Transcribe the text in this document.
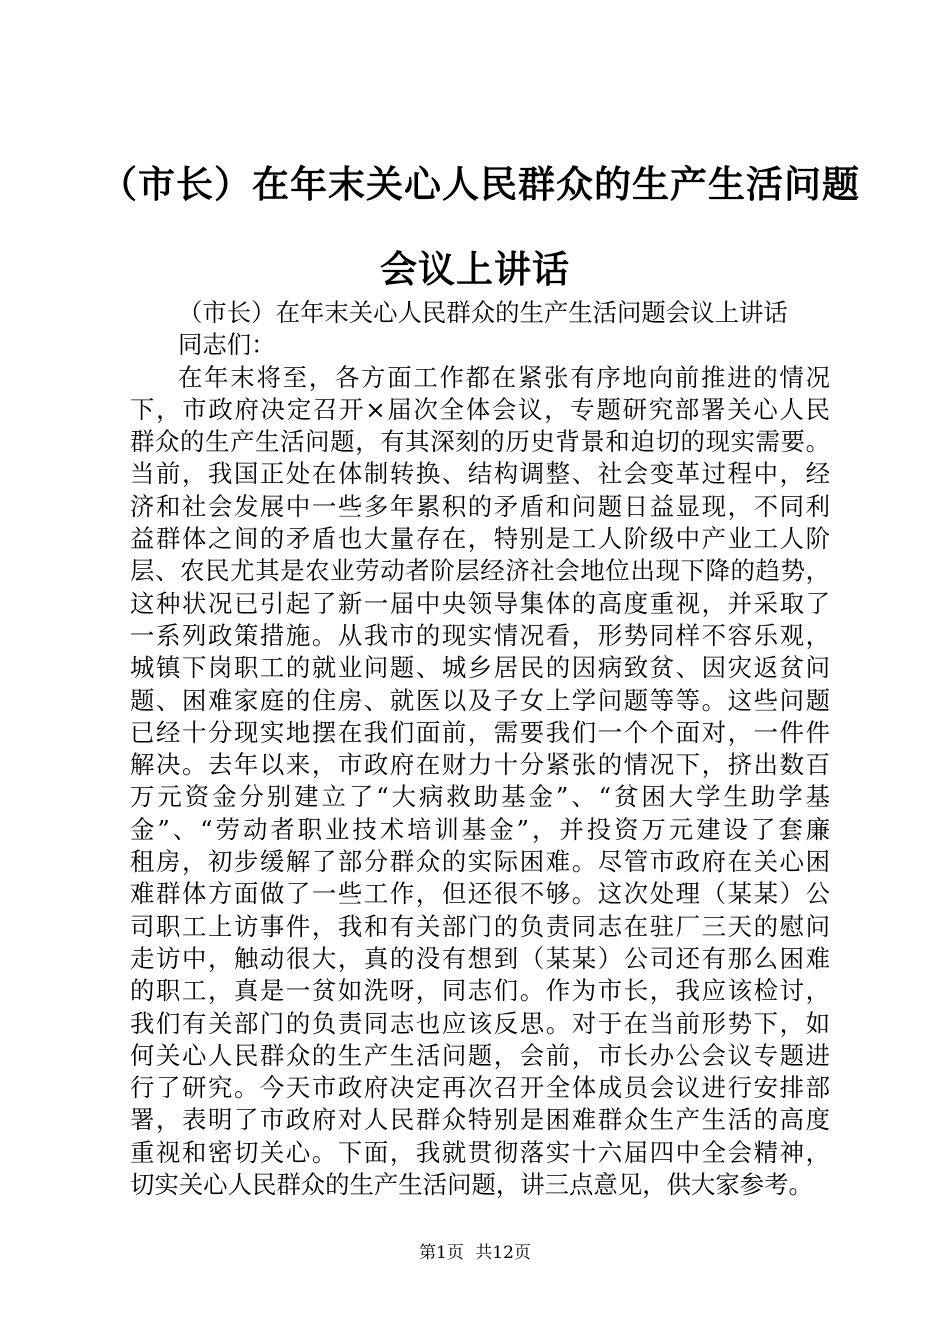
（市长）在年末关心人民群众的生产生活问题
会议上讲话
（市长）在年末关心人民群众的生产生活问题会议上讲话
同志们：
在年末将至，各方面工作都在紧张有序地向前推进的情况
下，市政府决定召开×届次全体会议，专题研究部署关心人民
群众的生产生活问题，有其深刻的历史背景和迫切的现实需要。
当前，我国正处在体制转换、结构调整、社会变革过程中，经
济和社会发展中一些多年累积的矛盾和问题日益显现，不同利
益群体之间的矛盾也大量存在，特别是工人阶级中产业工人阶
层、农民尤其是农业劳动者阶层经济社会地位出现下降的趋势，
这种状况已引起了新一届中央领导集体的高度重视，并采取了
一系列政策措施。从我市的现实情况看，形势同样不容乐观，
城镇下岗职工的就业问题、城乡居民的因病致贫、因灾返贫问
题、困难家庭的住房、就医以及子女上学问题等等。这些问题
已经十分现实地摆在我们面前，需要我们一个个面对，一件件
解决。去年以来，市政府在财力十分紧张的情况下，挤出数百
万元资金分别建立了“大病救助基金”、“贫困大学生助学基
金”、“劳动者职业技术培训基金”，并投资万元建设了套廉
租房，初步缓解了部分群众的实际困难。尽管市政府在关心困
难群体方面做了一些工作，但还很不够。这次处理（某某）公
司职工上访事件，我和有关部门的负责同志在驻厂三天的慰问
走访中，触动很大，真的没有想到（某某）公司还有那么困难
的职工，真是一贫如洗呀，同志们。作为市长，我应该检讨，
我们有关部门的负责同志也应该反思。对于在当前形势下，如
何关心人民群众的生产生活问题，会前，市长办公会议专题进
行了研究。今天市政府决定再次召开全体成员会议进行安排部
署，表明了市政府对人民群众特别是困难群众生产生活的高度
重视和密切关心。下面，我就贯彻落实十六届四中全会精神，
切实关心人民群众的生产生活问题，讲三点意见，供大家参考。
第1页 共12页
